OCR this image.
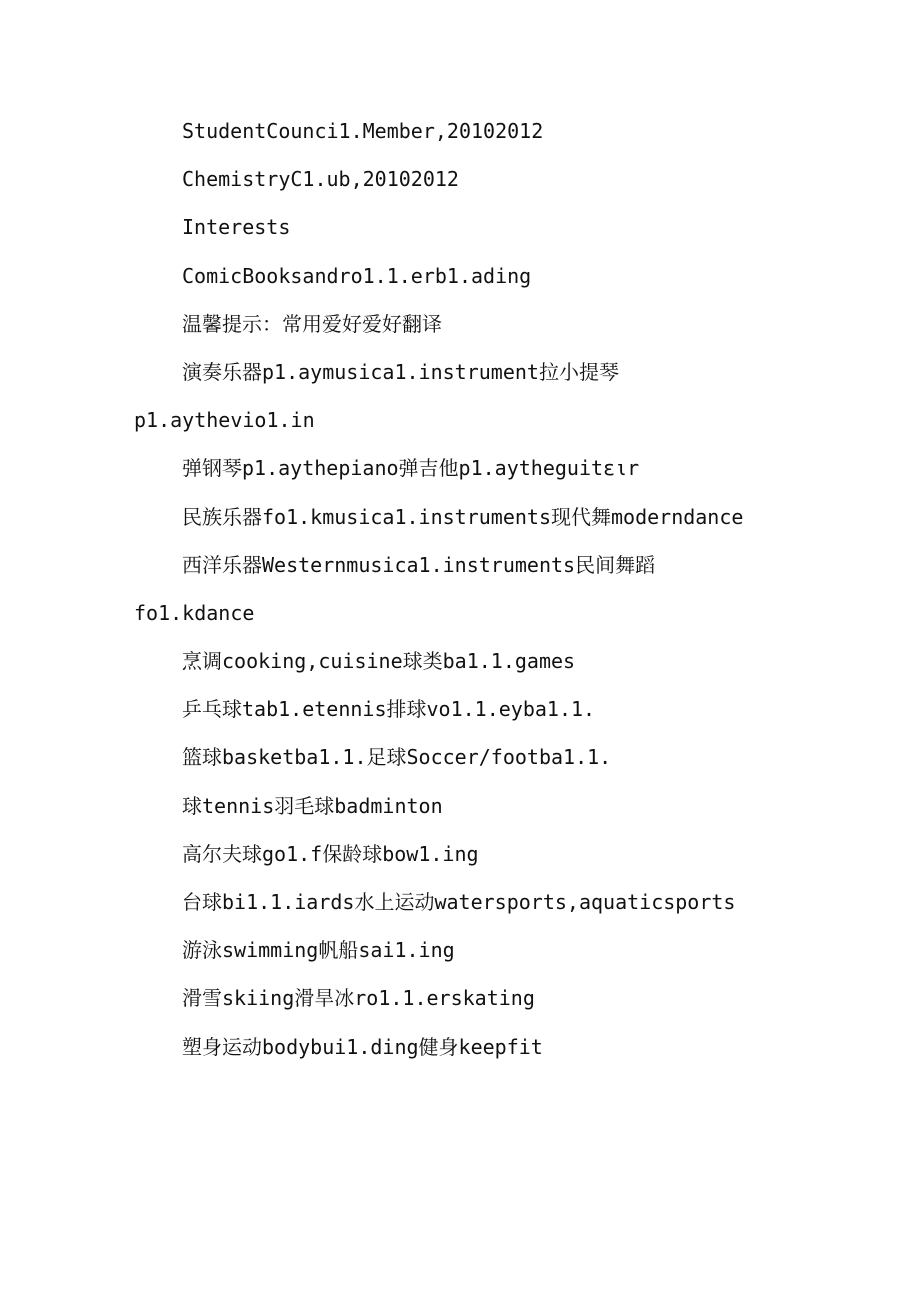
StudentCounci1.Member,20102012
ChemistryC1.ub,20102012
Interests
ComicBooksandro1.1.erb1.ading
温馨提示：常用爱好爱好翻译
演奏乐器p1.aymusica1.instrument拉小提琴
p1.aythevio1.in
弹钢琴p1.aythepiano弹吉他p1.aytheguitειr
民族乐器fo1.kmusica1.instruments现代舞moderndance
西洋乐器Westernmusica1.instruments民间舞蹈
fo1.kdance
烹调cooking,cuisine球类ba1.1.games
乒乓球tab1.etennis排球vo1.1.eyba1.1.
篮球basketba1.1.足球Soccer/footba1.1.
球tennis羽毛球badminton
高尔夫球go1.f保龄球bow1.ing
台球bi1.1.iards水上运动watersports,aquaticsports
游泳swimming帆船sai1.ing
滑雪skiing滑旱冰ro1.1.erskating
塑身运动bodybui1.ding健身keepfit
